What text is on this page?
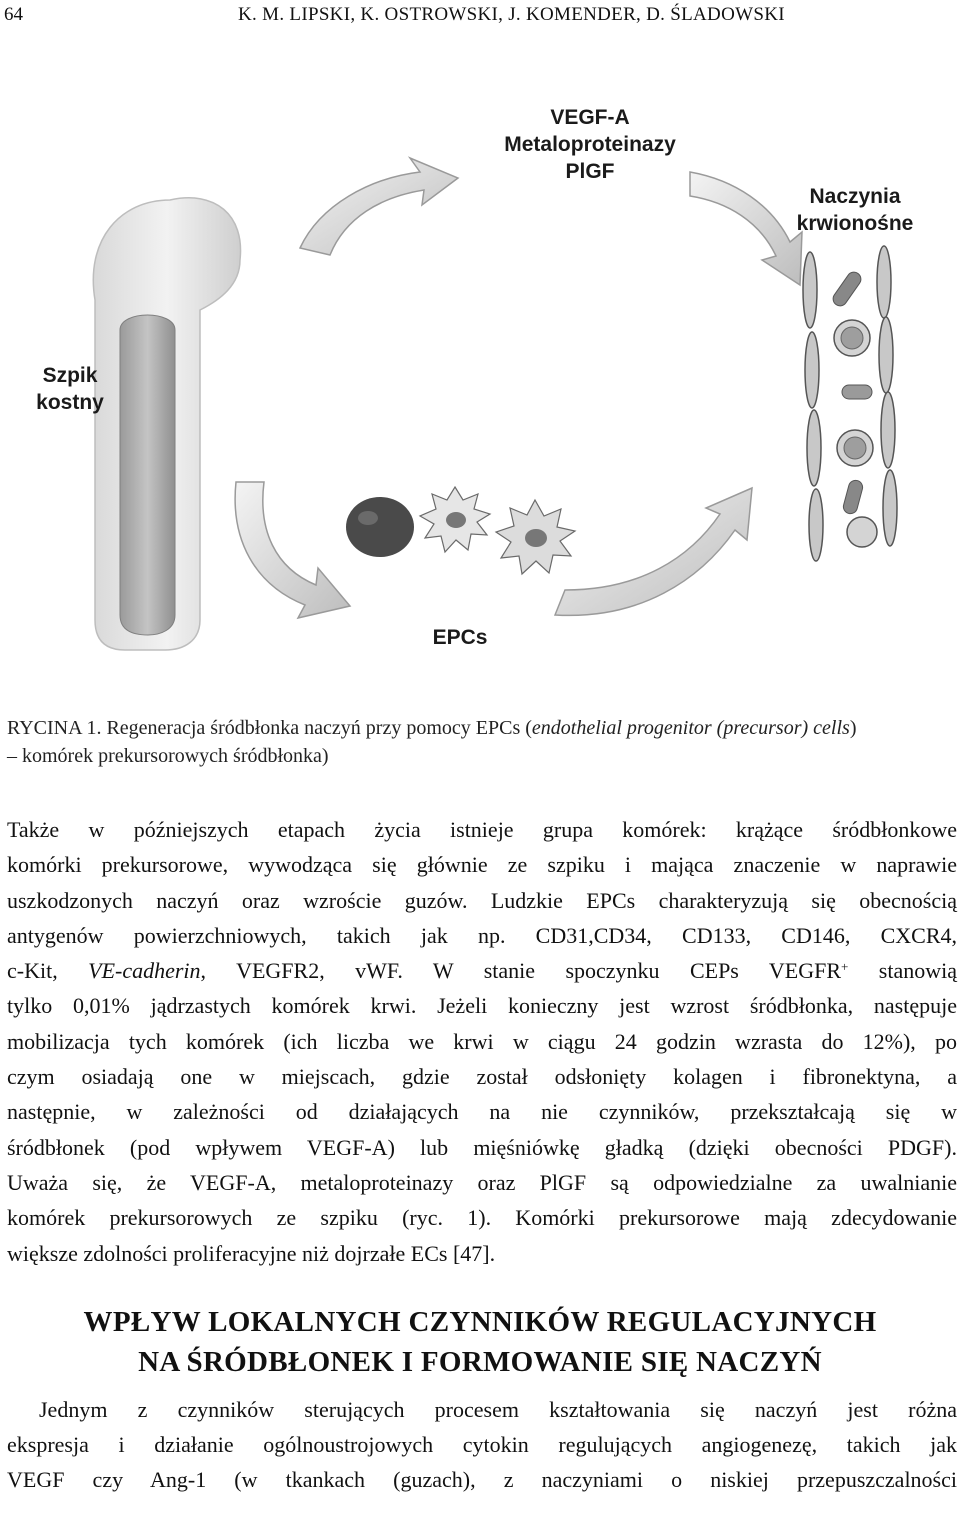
64	K. M. LIPSKI, K. OSTROWSKI, J. KOMENDER, D. ŚLADOWSKI
VEGF-A
Metaloproteinazy
PlGF
Naczynia
krwionośne
Szpik
kostny
EPCs
RYCINA 1. Regeneracja śródbłonka naczyń przy pomocy EPCs (endothelial progenitor (precursor) cells)
– komórek prekursorowych śródbłonka)
Także w późniejszych etapach życia istnieje grupa komórek: krążące śródbłonkowe
komórki prekursorowe, wywodząca się głównie ze szpiku i mająca znaczenie w naprawie
uszkodzonych naczyń oraz wzroście guzów. Ludzkie EPCs charakteryzują się obecnością
antygenów powierzchniowych, takich jak np. CD31,CD34, CD133, CD146, CXCR4,
c-Kit, VE-cadherin, VEGFR2, vWF. W stanie spoczynku CEPs VEGFR+ stanowią
tylko 0,01% jądrzastych komórek krwi. Jeżeli konieczny jest wzrost śródbłonka, następuje
mobilizacja tych komórek (ich liczba we krwi w ciągu 24 godzin wzrasta do 12%), po
czym osiadają one w miejscach, gdzie został odsłonięty kolagen i fibronektyna, a
następnie, w zależności od działających na nie czynników, przekształcają się w
śródbłonek (pod wpływem VEGF-A) lub mięśniówkę gładką (dzięki obecności PDGF).
Uważa się, że VEGF-A, metaloproteinazy oraz PlGF są odpowiedzialne za uwalnianie
komórek prekursorowych ze szpiku (ryc. 1). Komórki prekursorowe mają zdecydowanie
większe zdolności proliferacyjne niż dojrzałe ECs [47].
WPŁYW LOKALNYCH CZYNNIKÓW REGULACYJNYCH
NA ŚRÓDBŁONEK I FORMOWANIE SIĘ NACZYŃ
Jednym z czynników sterujących procesem kształtowania się naczyń jest różna
ekspresja i działanie ogólnoustrojowych cytokin regulujących angiogenezę, takich jak
VEGF czy Ang-1 (w tkankach (guzach), z naczyniami o niskiej przepuszczalności
